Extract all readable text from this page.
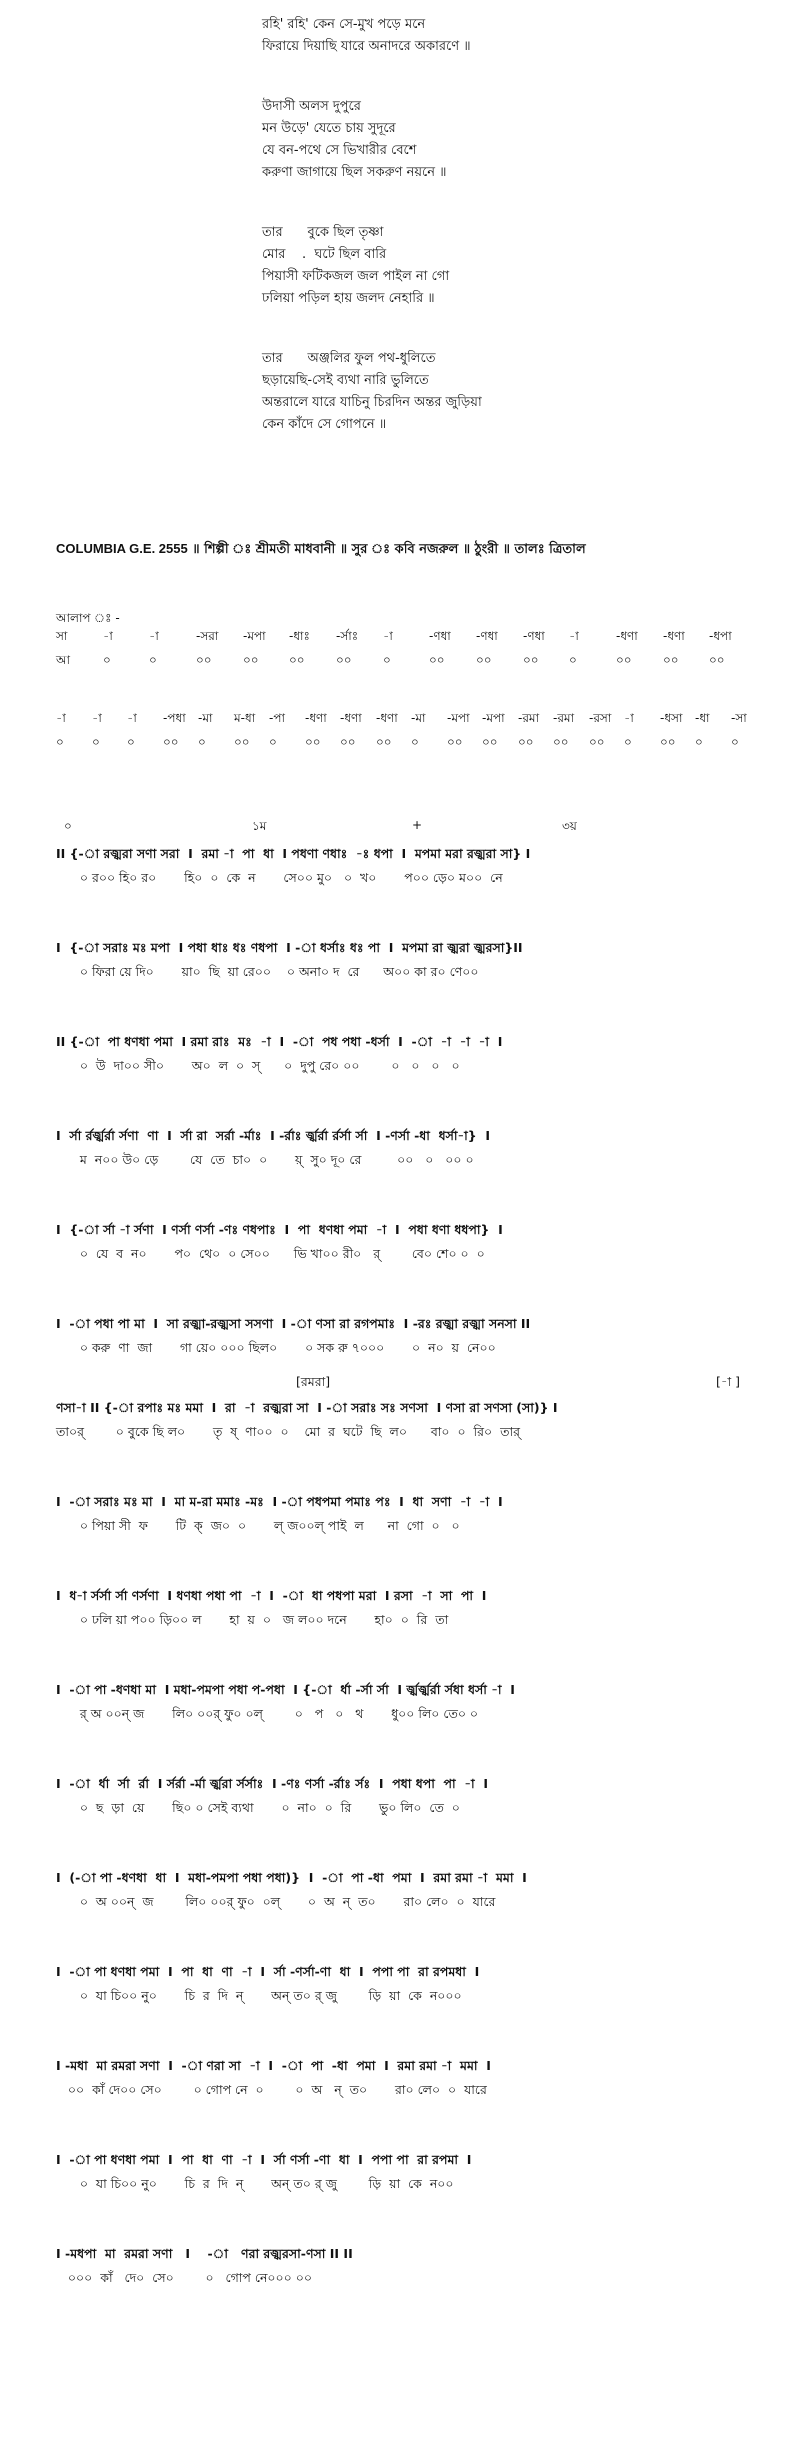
রহি' রহি' কেন সে-মুখ পড়ে মনে
ফিরায়ে দিয়াছি যারে অনাদরে অকারণে ॥
উদাসী অলস দুপুরে
মন উড়ে' যেতে চায় সুদূরে
যে বন-পথে সে ভিখারীর বেশে
করুণা জাগায়ে ছিল সকরুণ নয়নে ॥
তার      বুকে ছিল তৃষ্ণা
মোর    .  ঘটে ছিল বারি
পিয়াসী ফটিকজল জল পাইল না গো
ঢলিয়া পড়িল হায় জলদ নেহারি ॥
তার      অঞ্জলির ফুল পথ-ধুলিতে
ছড়ায়েছি-সেই ব্যথা নারি ভুলিতে
অন্তরালে যারে যাচিনু চিরদিন অন্তর জুড়িয়া
কেন কাঁদে সে গোপনে ॥
COLUMBIA G.E. 2555 ॥ শিল্পী ঃ শ্রীমতী মাধবানী ॥ সুর ঃ কবি নজরুল ॥ ঠুংরী ॥ তালঃ ত্রিতাল
আলাপ ঃ -
সা	-া	-া	-সরা -মপা -ধাঃ -র্সাঃ -া	-ণধা -ণধা -ণধা -া	-ধণা -ধণা -ধপা
আ	০	০	০০	০০	০০	০০	০	০০	০০	০০	০	০০	০০	০০
-া -া -া -পধা -মা ম-ধা -পা -ধণা -ধণা -ধণা -মা -মপা -মপা -রমা -রমা -রসা -া -ধসা -ধা -সা
০ ০ ০ ০০ ০ ০০ ০ ০০ ০০ ০০ ০ ০০ ০০ ০০ ০০ ০০ ০ ০০ ০ ০
০	১ম	+	৩য়
II {-া রজ্ঝরা সণা সরা  I  রমা -া  পা  ধা  I পধণা ণধাঃ  -ঃ ধপা  I  মপমা মরা রজ্ঝরা সা} I
০ র০০ হি০ র০       হি০  ০  কে  ন       সে০০ মু০   ০  খ০       প০০ ড়ে০ ম০০  নে
I  {-া সরাঃ মঃ মপা  I পধা ধাঃ ধঃ ণধপা  I -া ধর্সাঃ ধঃ পা  I  মপমা রা জ্ঝরা জ্ঝরসা}II
০ ফিরা য়ে দি০       য়া০  ছি  য়া রে০০    ০ অনা০ দ  রে      অ০০ কা র০ ণে০০
II {-া  পা ধণধা পমা  I রমা রাঃ  মঃ  -া  I  -া  পধ পধা -ধর্সা  I  -া  -া  -া  -া  I
০  উ  দা০০ সী০       অ০  ল  ০  স্      ০  দুপু রে০ ০০        ০   ০   ০   ০
I  র্সা র্রর্জ্ঝর্রা র্সণা  ণা  I  র্সা রা  সর্রা -র্মাঃ  I -র্রাঃ র্জ্ঝর্রা র্রর্সা র্সা  I -ণর্সা -ধা  ধর্সা-া}  I
ম  ন০০ উ০ ড়ে        যে  তে  চা০  ০       য়্  সু০ দূ০ রে         ০০   ০   ০০ ০
I  {-া র্সা -া র্সণা  I ণর্সা ণর্সা -ণঃ ণধপাঃ  I  পা  ধণধা পমা  -া  I  পধা ধণা ধধপা}  I
০  যে  ব  ন০       প০  থে০  ০ সে০০      ভি খা০০ রী০   র্        বে০ শে০ ০  ০
I  -া পধা পা মা  I  সা রজ্ঝা-রজ্ঝসা সসণা  I -া ণসা রা রগপমাঃ  I -রঃ রজ্ঝা রজ্ঝা সনসা II
০ করু  ণা  জা       গা য়ে০ ০০০ ছিল০       ০ সক রু ৭০০০       ০  ন০  য়  নে০০
[রমরা]	[-া ]
ণসা-া II {-া রপাঃ মঃ মমা  I  রা  -া  রজ্ঝরা সা  I -া সরাঃ সঃ সণসা  I ণসা রা সণসা (সা)} I
তা০র্        ০ বুকে ছি ল০       তৃ  ষ্  ণা০০  ০    মো  র  ঘটে  ছি  ল০      বা০  ০  রি০  তার্
I  -া সরাঃ মঃ মা  I  মা ম-রা মমাঃ -মঃ  I -া পধপমা পমাঃ পঃ  I  ধা  সণা  -া  -া  I
০ পিয়া সী  ফ       টি  ক্  জ০  ০       ল্ জ০০ল্ পাই  ল      না  গো  ০   ০
I  ধ-া র্সর্সা র্সা ণর্সণা  I ধণধা পধা পা  -া  I  -া  ধা পধপা মরা  I রসা  -া  সা  পা  I
০ ঢলি য়া প০০ ড়ি০০ ল       হা  য়  ০   জ ল০০ দনে       হা০  ০  রি  তা
I  -া পা -ধণধা মা  I মধা-পমপা পধা প-পধা  I {-া  র্ধা -র্সা র্সা  I র্জ্ঝর্জ্ঝর্রা র্সধা ধর্সা -া  I
র্ অ ০০ন্ জ       লি০ ০০র্ ফু০ ০ল্        ০   প   ০   থ       ধু০০ লি০ তে০ ০
I  -া  র্ধা  র্সা  র্রা  I র্সর্রা -র্মা র্জ্ঝরা র্সর্সাঃ  I -ণঃ ণর্সা -র্রাঃ র্সঃ  I  পধা ধপা  পা  -া  I
০  ছ  ড়া  য়ে       ছি০ ০ সেই ব্যথা       ০  না০  ০  রি       ভু০ লি০  তে  ০
I  (-া পা -ধণধা  ধা  I  মধা-পমপা পধা পধা)}  I  -া  পা -ধা  পমা  I  রমা রমা -া  মমা  I
০  অ ০০ন্  জ        লি০ ০০র্ ফু০  ০ল্       ০  অ  ন্  ত০       রা০ লে০  ০  যারে
I  -া পা ধণধা পমা  I  পা  ধা  ণা  -া  I  র্সা -ণর্সা-ণা  ধা  I  পপা পা  রা রপমধা  I
০  যা চি০০ নু০       চি  র  দি  ন্       অন্ ত০ র্ জু        ড়ি  য়া  কে  ন০০০
I -মধা  মা রমরা সণা  I  -া ণরা সা  -া  I  -া  পা  -ধা  পমা  I  রমা রমা -া  মমা  I
০০  কাঁ দে০০ সে০        ০ গোপ নে  ০        ০  অ   ন্  ত০       রা০ লে০  ০  যারে
I  -া পা ধণধা পমা  I  পা  ধা  ণা  -া  I  র্সা ণর্সা -ণা  ধা  I  পপা পা  রা রপমা  I
০  যা চি০০ নু০       চি  র  দি  ন্       অন্ ত০ র্ জু        ড়ি  য়া  কে  ন০০
I -মধপা  মা  রমরা সণা   I    -া   ণরা রজ্ঝরসা-ণসা II II
০০০  কাঁ   দে০  সে০        ০   গোপ নে০০০ ০০
